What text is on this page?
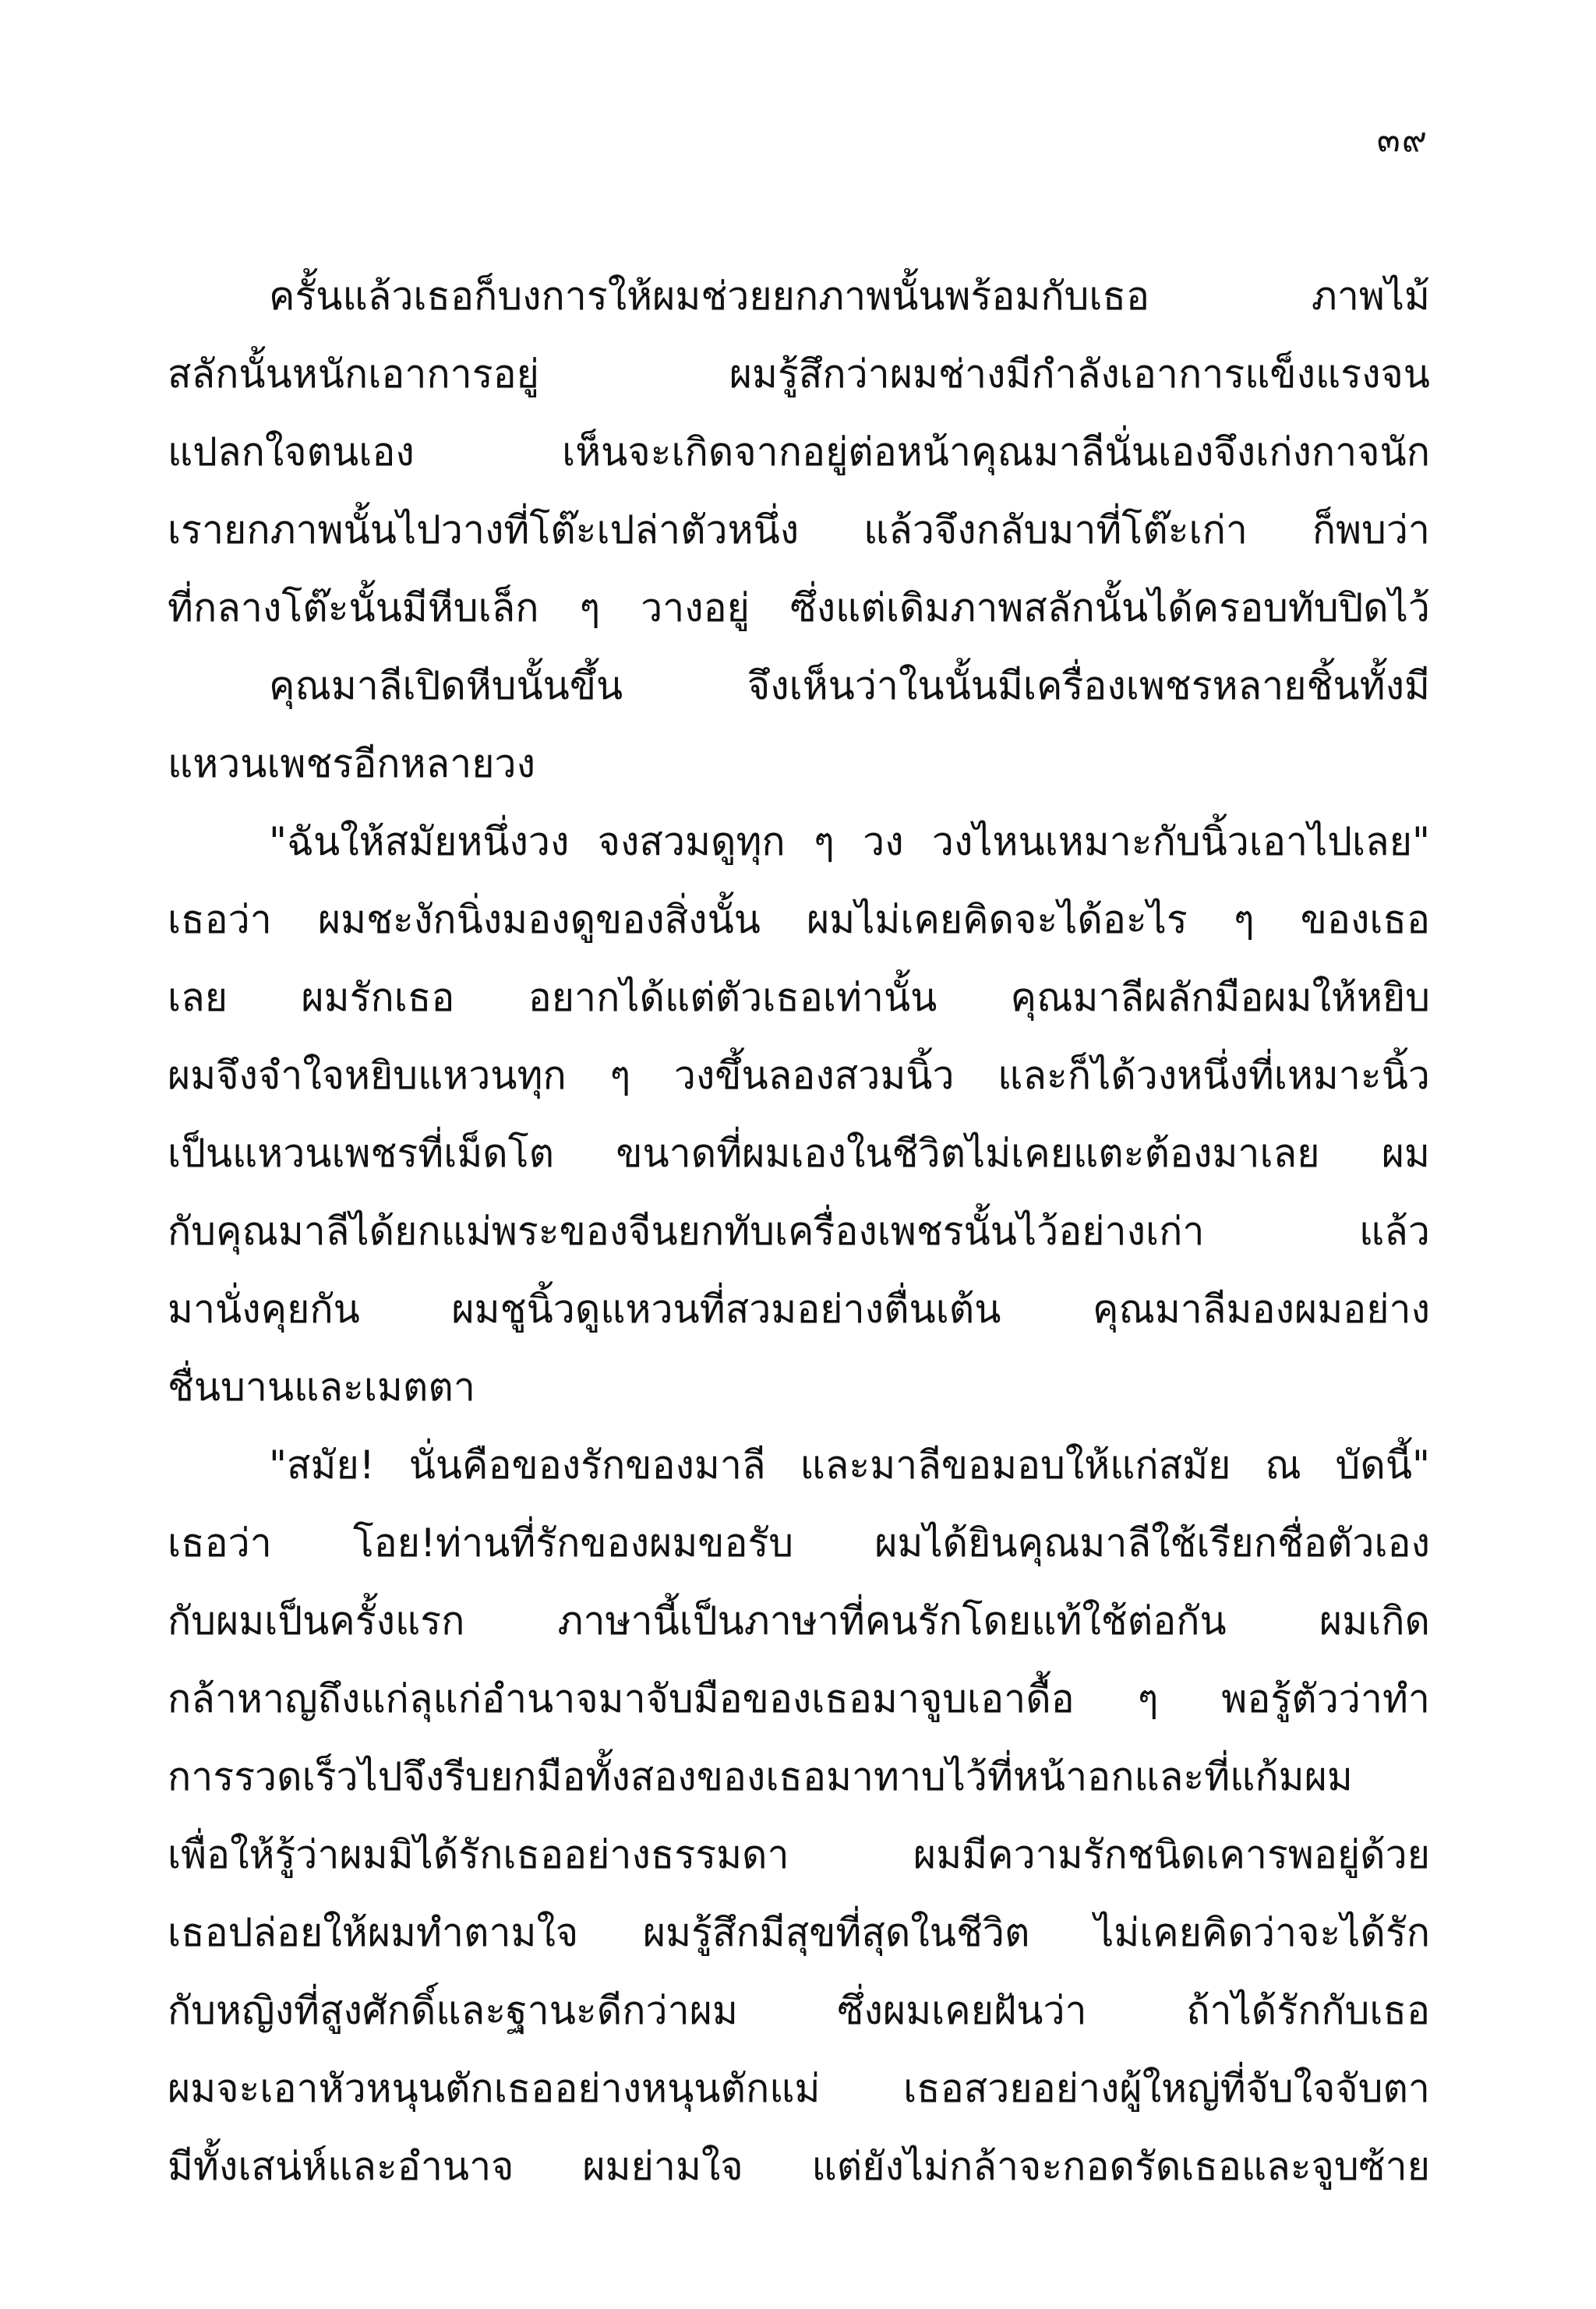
๓๙
ครั้นแล้วเธอก็บงการให้ผมช่วยยกภาพนั้นพร้อมกับเธอ ภาพไม้
สลักนั้นหนักเอาการอยู่ ผมรู้สึกว่าผมช่างมีกำลังเอาการแข็งแรงจน
แปลกใจตนเอง เห็นจะเกิดจากอยู่ต่อหน้าคุณมาลีนั่นเองจึงเก่งกาจนัก
เรายกภาพนั้นไปวางที่โต๊ะเปล่าตัวหนึ่ง แล้วจึงกลับมาที่โต๊ะเก่า ก็พบว่า
ที่กลางโต๊ะนั้นมีหีบเล็ก ๆ วางอยู่ ซึ่งแต่เดิมภาพสลักนั้นได้ครอบทับปิดไว้
คุณมาลีเปิดหีบนั้นขึ้น จึงเห็นว่าในนั้นมีเครื่องเพชรหลายชิ้นทั้งมี
แหวนเพชรอีกหลายวง
"ฉันให้สมัยหนึ่งวง จงสวมดูทุก ๆ วง วงไหนเหมาะกับนิ้วเอาไปเลย"
เธอว่า ผมชะงักนิ่งมองดูของสิ่งนั้น ผมไม่เคยคิดจะได้อะไร ๆ ของเธอ
เลย ผมรักเธอ อยากได้แต่ตัวเธอเท่านั้น คุณมาลีผลักมือผมให้หยิบ
ผมจึงจำใจหยิบแหวนทุก ๆ วงขึ้นลองสวมนิ้ว และก็ได้วงหนึ่งที่เหมาะนิ้ว
เป็นแหวนเพชรที่เม็ดโต ขนาดที่ผมเองในชีวิตไม่เคยแตะต้องมาเลย ผม
กับคุณมาลีได้ยกแม่พระของจีนยกทับเครื่องเพชรนั้นไว้อย่างเก่า แล้ว
มานั่งคุยกัน ผมชูนิ้วดูแหวนที่สวมอย่างตื่นเต้น คุณมาลีมองผมอย่าง
ชื่นบานและเมตตา
"สมัย! นั่นคือของรักของมาลี และมาลีขอมอบให้แก่สมัย ณ บัดนี้"
เธอว่า โอย!ท่านที่รักของผมขอรับ ผมได้ยินคุณมาลีใช้เรียกชื่อตัวเอง
กับผมเป็นครั้งแรก ภาษานี้เป็นภาษาที่คนรักโดยแท้ใช้ต่อกัน ผมเกิด
กล้าหาญถึงแก่ลุแก่อำนาจมาจับมือของเธอมาจูบเอาดื้อ ๆ พอรู้ตัวว่าทำ
การรวดเร็วไปจึงรีบยกมือทั้งสองของเธอมาทาบไว้ที่หน้าอกและที่แก้มผม
เพื่อให้รู้ว่าผมมิได้รักเธออย่างธรรมดา ผมมีความรักชนิดเคารพอยู่ด้วย
เธอปล่อยให้ผมทำตามใจ ผมรู้สึกมีสุขที่สุดในชีวิต ไม่เคยคิดว่าจะได้รัก
กับหญิงที่สูงศักดิ์และฐานะดีกว่าผม ซึ่งผมเคยฝันว่า ถ้าได้รักกับเธอ
ผมจะเอาหัวหนุนตักเธออย่างหนุนตักแม่ เธอสวยอย่างผู้ใหญ่ที่จับใจจับตา
มีทั้งเสน่ห์และอำนาจ ผมย่ามใจ แต่ยังไม่กล้าจะกอดรัดเธอและจูบซ้าย
